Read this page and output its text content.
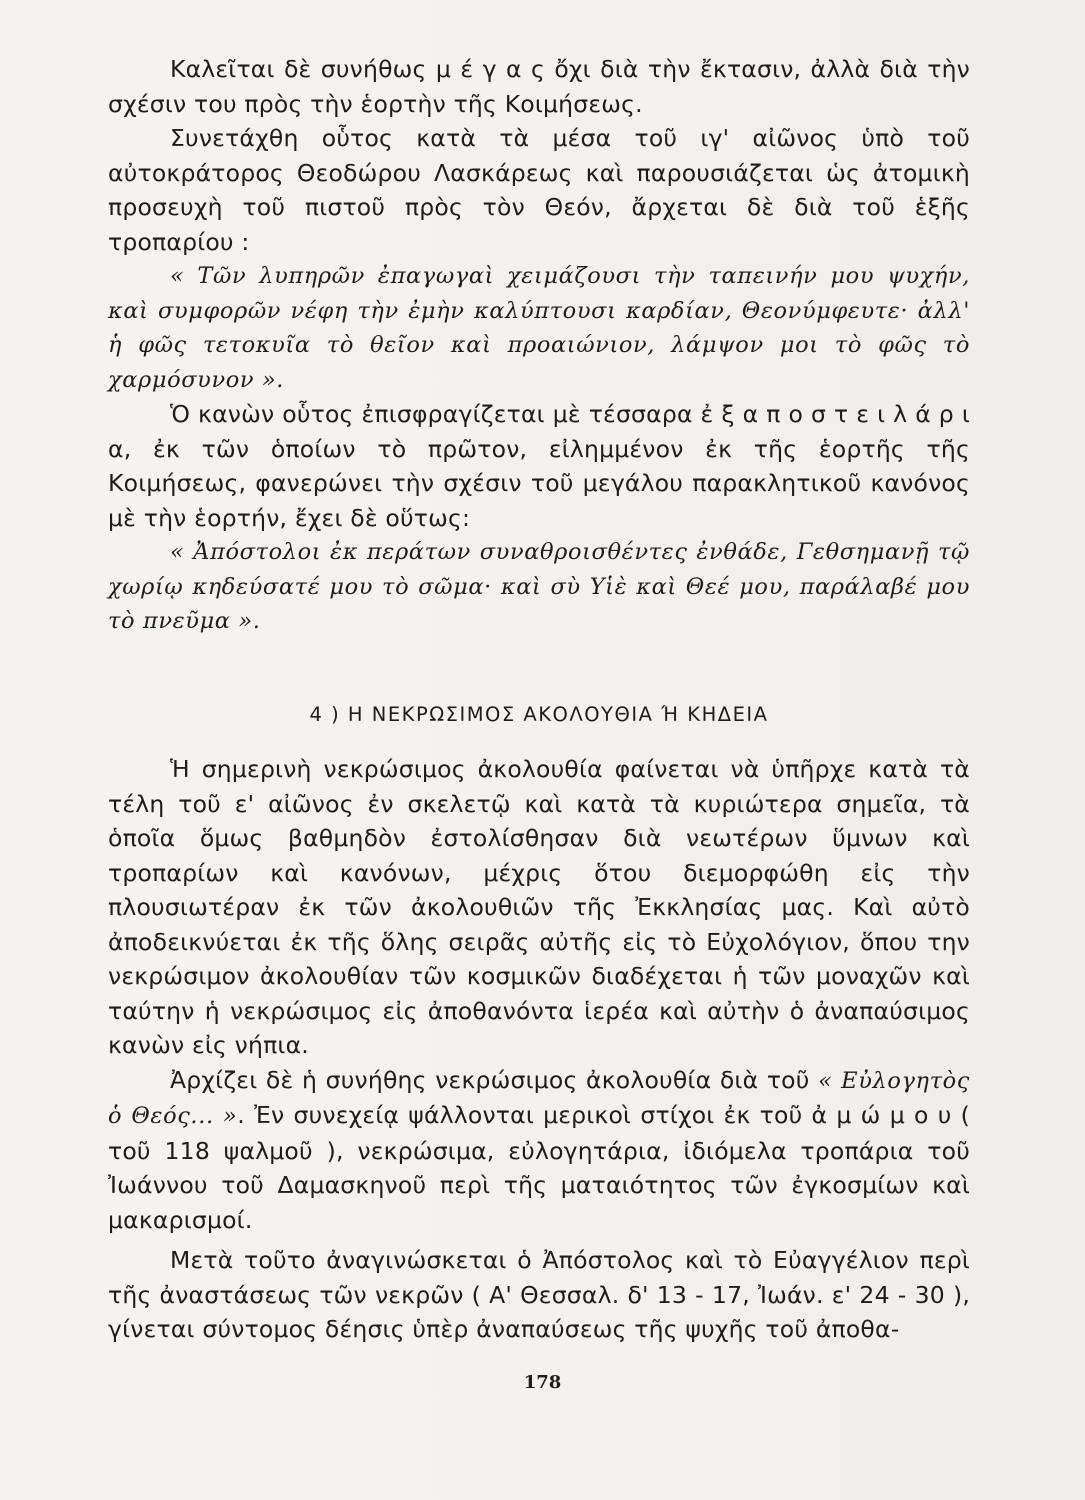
Καλεῖται δὲ συνήθως μ έ γ α ς ὄχι διὰ τὴν ἔκτασιν, ἀλλὰ διὰ τὴν σχέσιν του πρὸς τὴν ἑορτὴν τῆς Κοιμήσεως.

Συνετάχθη οὗτος κατὰ τὰ μέσα τοῦ ιγ' αἰῶνος ὑπὸ τοῦ αὐτοκράτορος Θεοδώρου Λασκάρεως καὶ παρουσιάζεται ὡς ἀτομικὴ προσευχὴ τοῦ πιστοῦ πρὸς τὸν Θεόν, ἄρχεται δὲ διὰ τοῦ ἑξῆς τροπαρίου :

« Τῶν λυπηρῶν ἐπαγωγαὶ χειμάζουσι τὴν ταπεινήν μου ψυχήν, καὶ συμφορῶν νέφη τὴν ἐμὴν καλύπτουσι καρδίαν, Θεονύμφευτε· ἀλλ' ἡ φῶς τετοκυῖα τὸ θεῖον καὶ προαιώνιον, λάμψον μοι τὸ φῶς τὸ χαρμόσυνον ».

Ὁ κανὼν οὗτος ἐπισφραγίζεται μὲ τέσσαρα ἐ ξ α π ο σ τ ε ι λ ά ρ ι α, ἐκ τῶν ὁποίων τὸ πρῶτον, εἰλημμένον ἐκ τῆς ἑορτῆς τῆς Κοιμήσεως, φανερώνει τὴν σχέσιν τοῦ μεγάλου παρακλητικοῦ κανόνος μὲ τὴν ἑορτήν, ἔχει δὲ οὕτως:

« Ἀπόστολοι ἐκ περάτων συναθροισθέντες ἐνθάδε, Γεθσημανῇ τῷ χωρίῳ κηδεύσατέ μου τὸ σῶμα· καὶ σὺ Υἱὲ καὶ Θεέ μου, παράλαβέ μου τὸ πνεῦμα ».

4 ) Η ΝΕΚΡΩΣΙΜΟΣ ΑΚΟΛΟΥΘΙΑ Ή ΚΗΔΕΙΑ

Ἡ σημερινὴ νεκρώσιμος ἀκολουθία φαίνεται νὰ ὑπῆρχε κατὰ τὰ τέλη τοῦ ε' αἰῶνος ἐν σκελετῷ καὶ κατὰ τὰ κυριώτερα σημεῖα, τὰ ὁποῖα ὅμως βαθμηδὸν ἐστολίσθησαν διὰ νεωτέρων ὕμνων καὶ τροπαρίων καὶ κανόνων, μέχρις ὅτου διεμορφώθη εἰς τὴν πλουσιωτέραν ἐκ τῶν ἀκολουθιῶν τῆς Ἐκκλησίας μας. Καὶ αὐτὸ ἀποδεικνύεται ἐκ τῆς ὅλης σειρᾶς αὐτῆς εἰς τὸ Εὐχολόγιον, ὅπου την νεκρώσιμον ἀκολουθίαν τῶν κοσμικῶν διαδέχεται ἡ τῶν μοναχῶν καὶ ταύτην ἡ νεκρώσιμος εἰς ἀποθανόντα ἱερέα καὶ αὐτὴν ὁ ἀναπαύσιμος κανὼν εἰς νήπια.

Ἀρχίζει δὲ ἡ συνήθης νεκρώσιμος ἀκολουθία διὰ τοῦ « Εὐλογητὸς ὁ Θεός... ». Ἐν συνεχείᾳ ψάλλονται μερικοὶ στίχοι ἐκ τοῦ ἀ μ ώ μ ο υ ( τοῦ 118 ψαλμοῦ ), νεκρώσιμα, εὐλογητάρια, ἰδιόμελα τροπάρια τοῦ Ἰωάννου τοῦ Δαμασκηνοῦ περὶ τῆς ματαιότητος τῶν ἐγκοσμίων καὶ μακαρισμοί.

Μετὰ τοῦτο ἀναγινώσκεται ὁ Ἀπόστολος καὶ τὸ Εὐαγγέλιον περὶ τῆς ἀναστάσεως τῶν νεκρῶν ( Α' Θεσσαλ. δ' 13 - 17, Ἰωάν. ε' 24 - 30 ), γίνεται σύντομος δέησις ὑπὲρ ἀναπαύσεως τῆς ψυχῆς τοῦ ἀποθα-

178
